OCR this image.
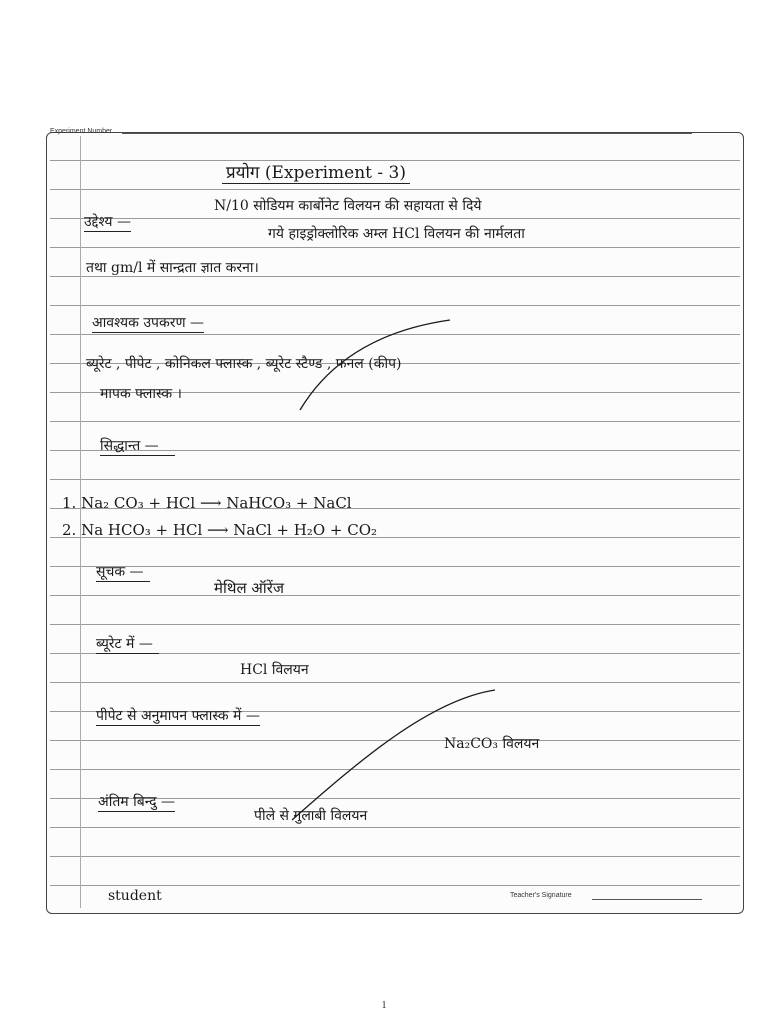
Experiment Number
प्रयोग (Experiment - 3)
उद्देश्य —
N/10 सोडियम कार्बोनेट विलयन की सहायता से दिये
गये हाइड्रोक्लोरिक अम्ल HCl विलयन की नार्मलता
तथा gm/l में सान्द्रता ज्ञात करना।
आवश्यक उपकरण —
ब्यूरेट , पीपेट , कोनिकल फ्लास्क , ब्यूरेट स्टैण्ड , फनल (कीप)
मापक फ्लास्क ।
सिद्धान्त —
1. Na₂ CO₃ + HCl ⟶ NaHCO₃ + NaCl
2. Na HCO₃ + HCl ⟶ NaCl + H₂O + CO₂
सूचक —
मेथिल ऑरेंज
ब्यूरेट में —
HCl विलयन
पीपेट से अनुमापन फ्लास्क में —
Na₂CO₃ विलयन
अंतिम बिन्दु —
पीले से गुलाबी विलयन
student	Teacher's Signature
1
